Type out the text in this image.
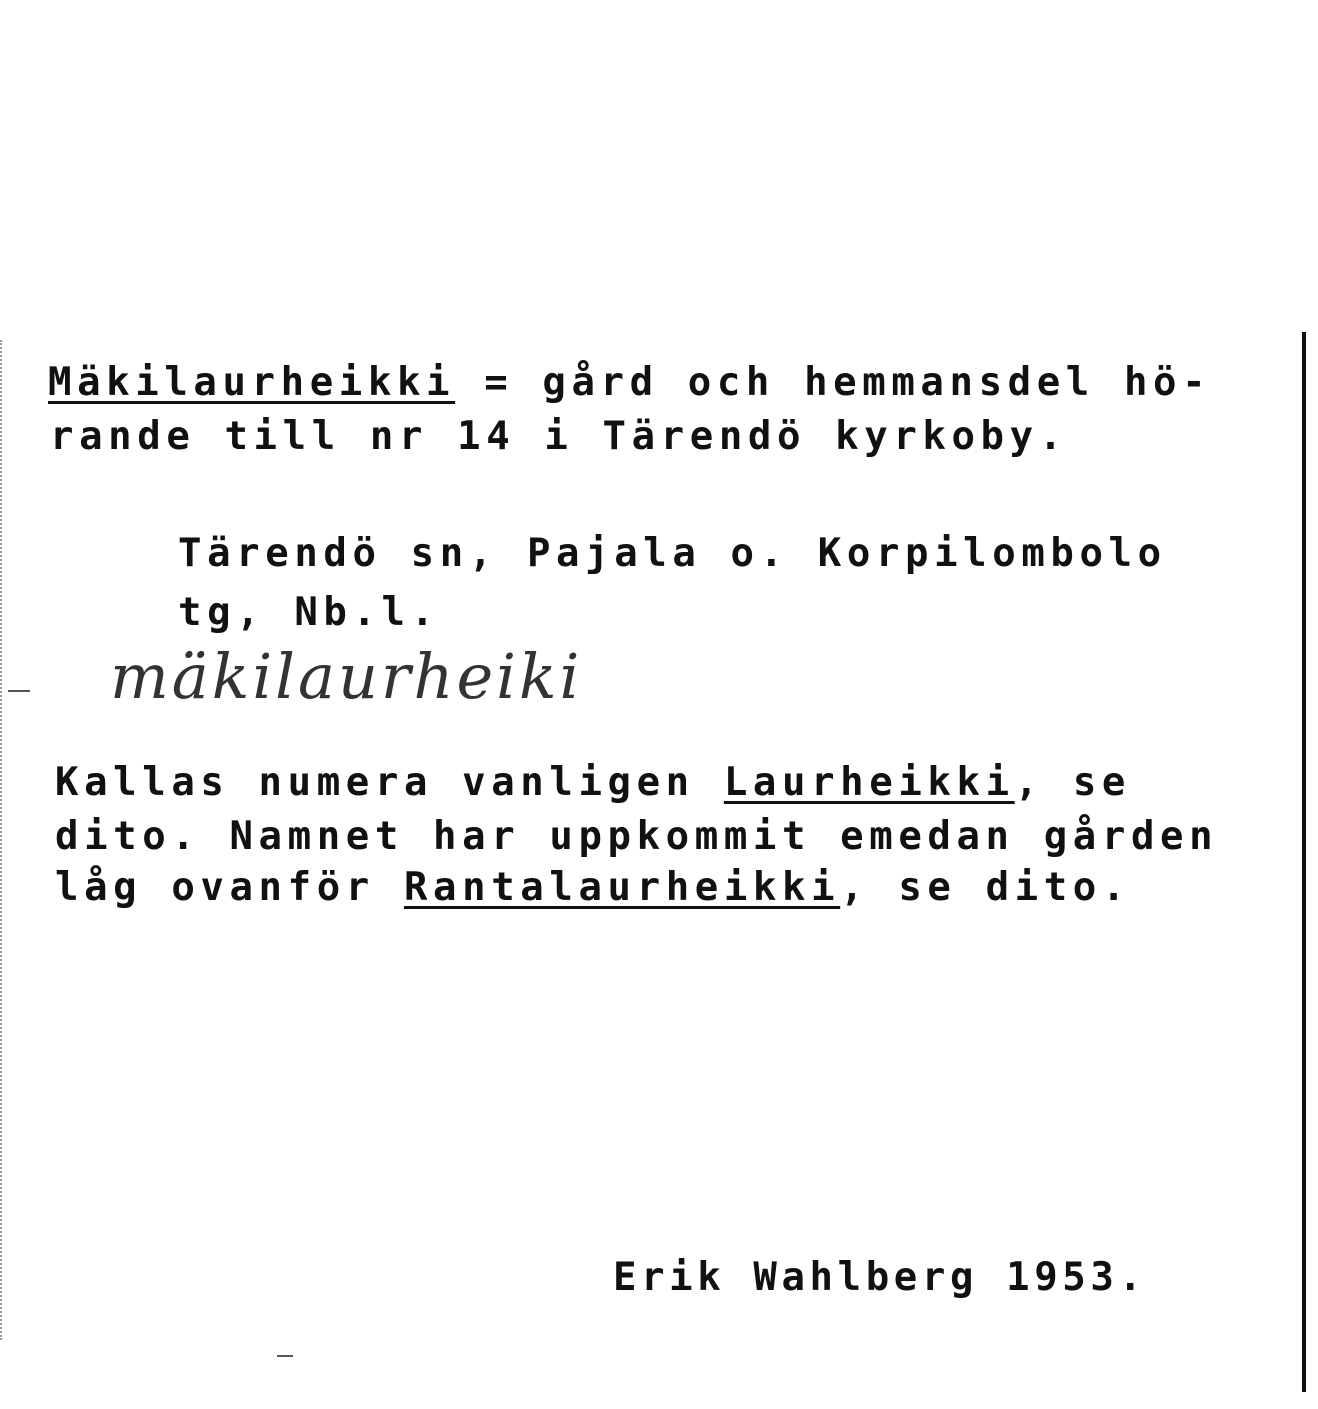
Mäkilaurheikki = gård och hemmansdel hö-

rande till nr 14 i Tärendö kyrkoby.

Tärendö sn, Pajala o. Korpilombolo

tg, Nb.l.

mäkilaurheiki

Kallas numera vanligen Laurheikki, se

dito. Namnet har uppkommit emedan gården

låg ovanför Rantalaurheikki, se dito.

Erik Wahlberg 1953.
